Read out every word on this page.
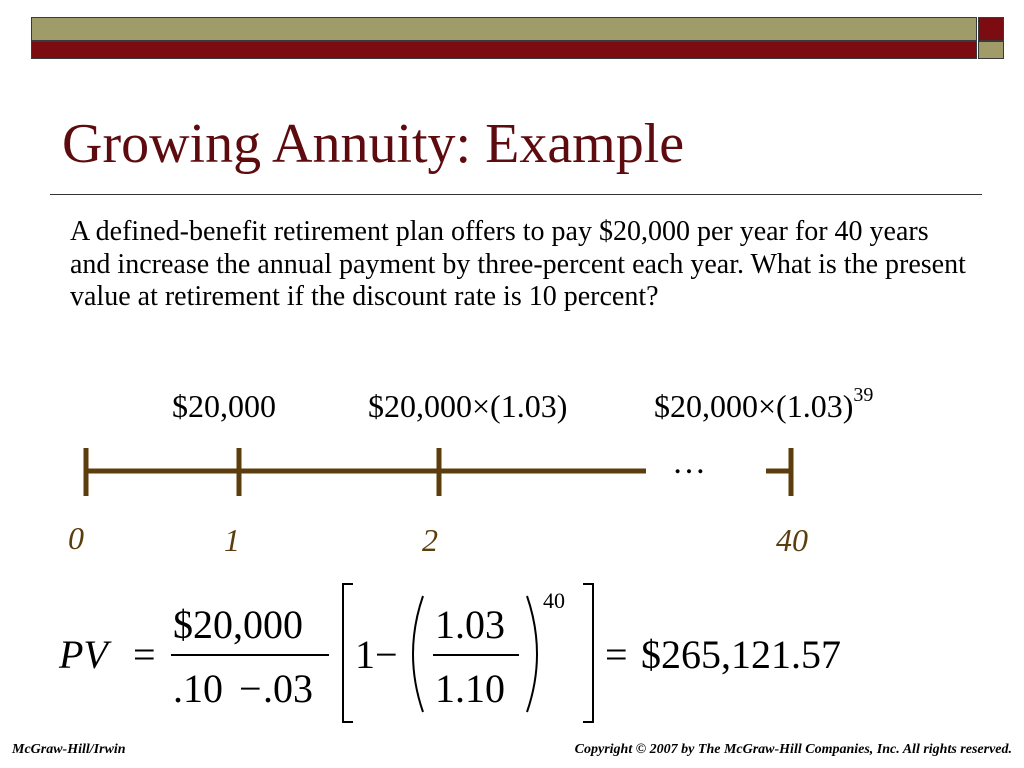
Growing Annuity: Example

A defined-benefit retirement plan offers to pay $20,000 per year for 40 years and increase the annual payment by three-percent each year. What is the present value at retirement if the discount rate is 10 percent?

$20,000	$20,000×(1.03)	$\$20,000\times(1.03)^{39}$
…
0	1	2	40
PV =
$20,000
.10 − .03
1 −
1.03
1.10
40
= $265,121.57
McGraw-Hill/Irwin	Copyright © 2007 by The McGraw-Hill Companies, Inc. All rights reserved.
